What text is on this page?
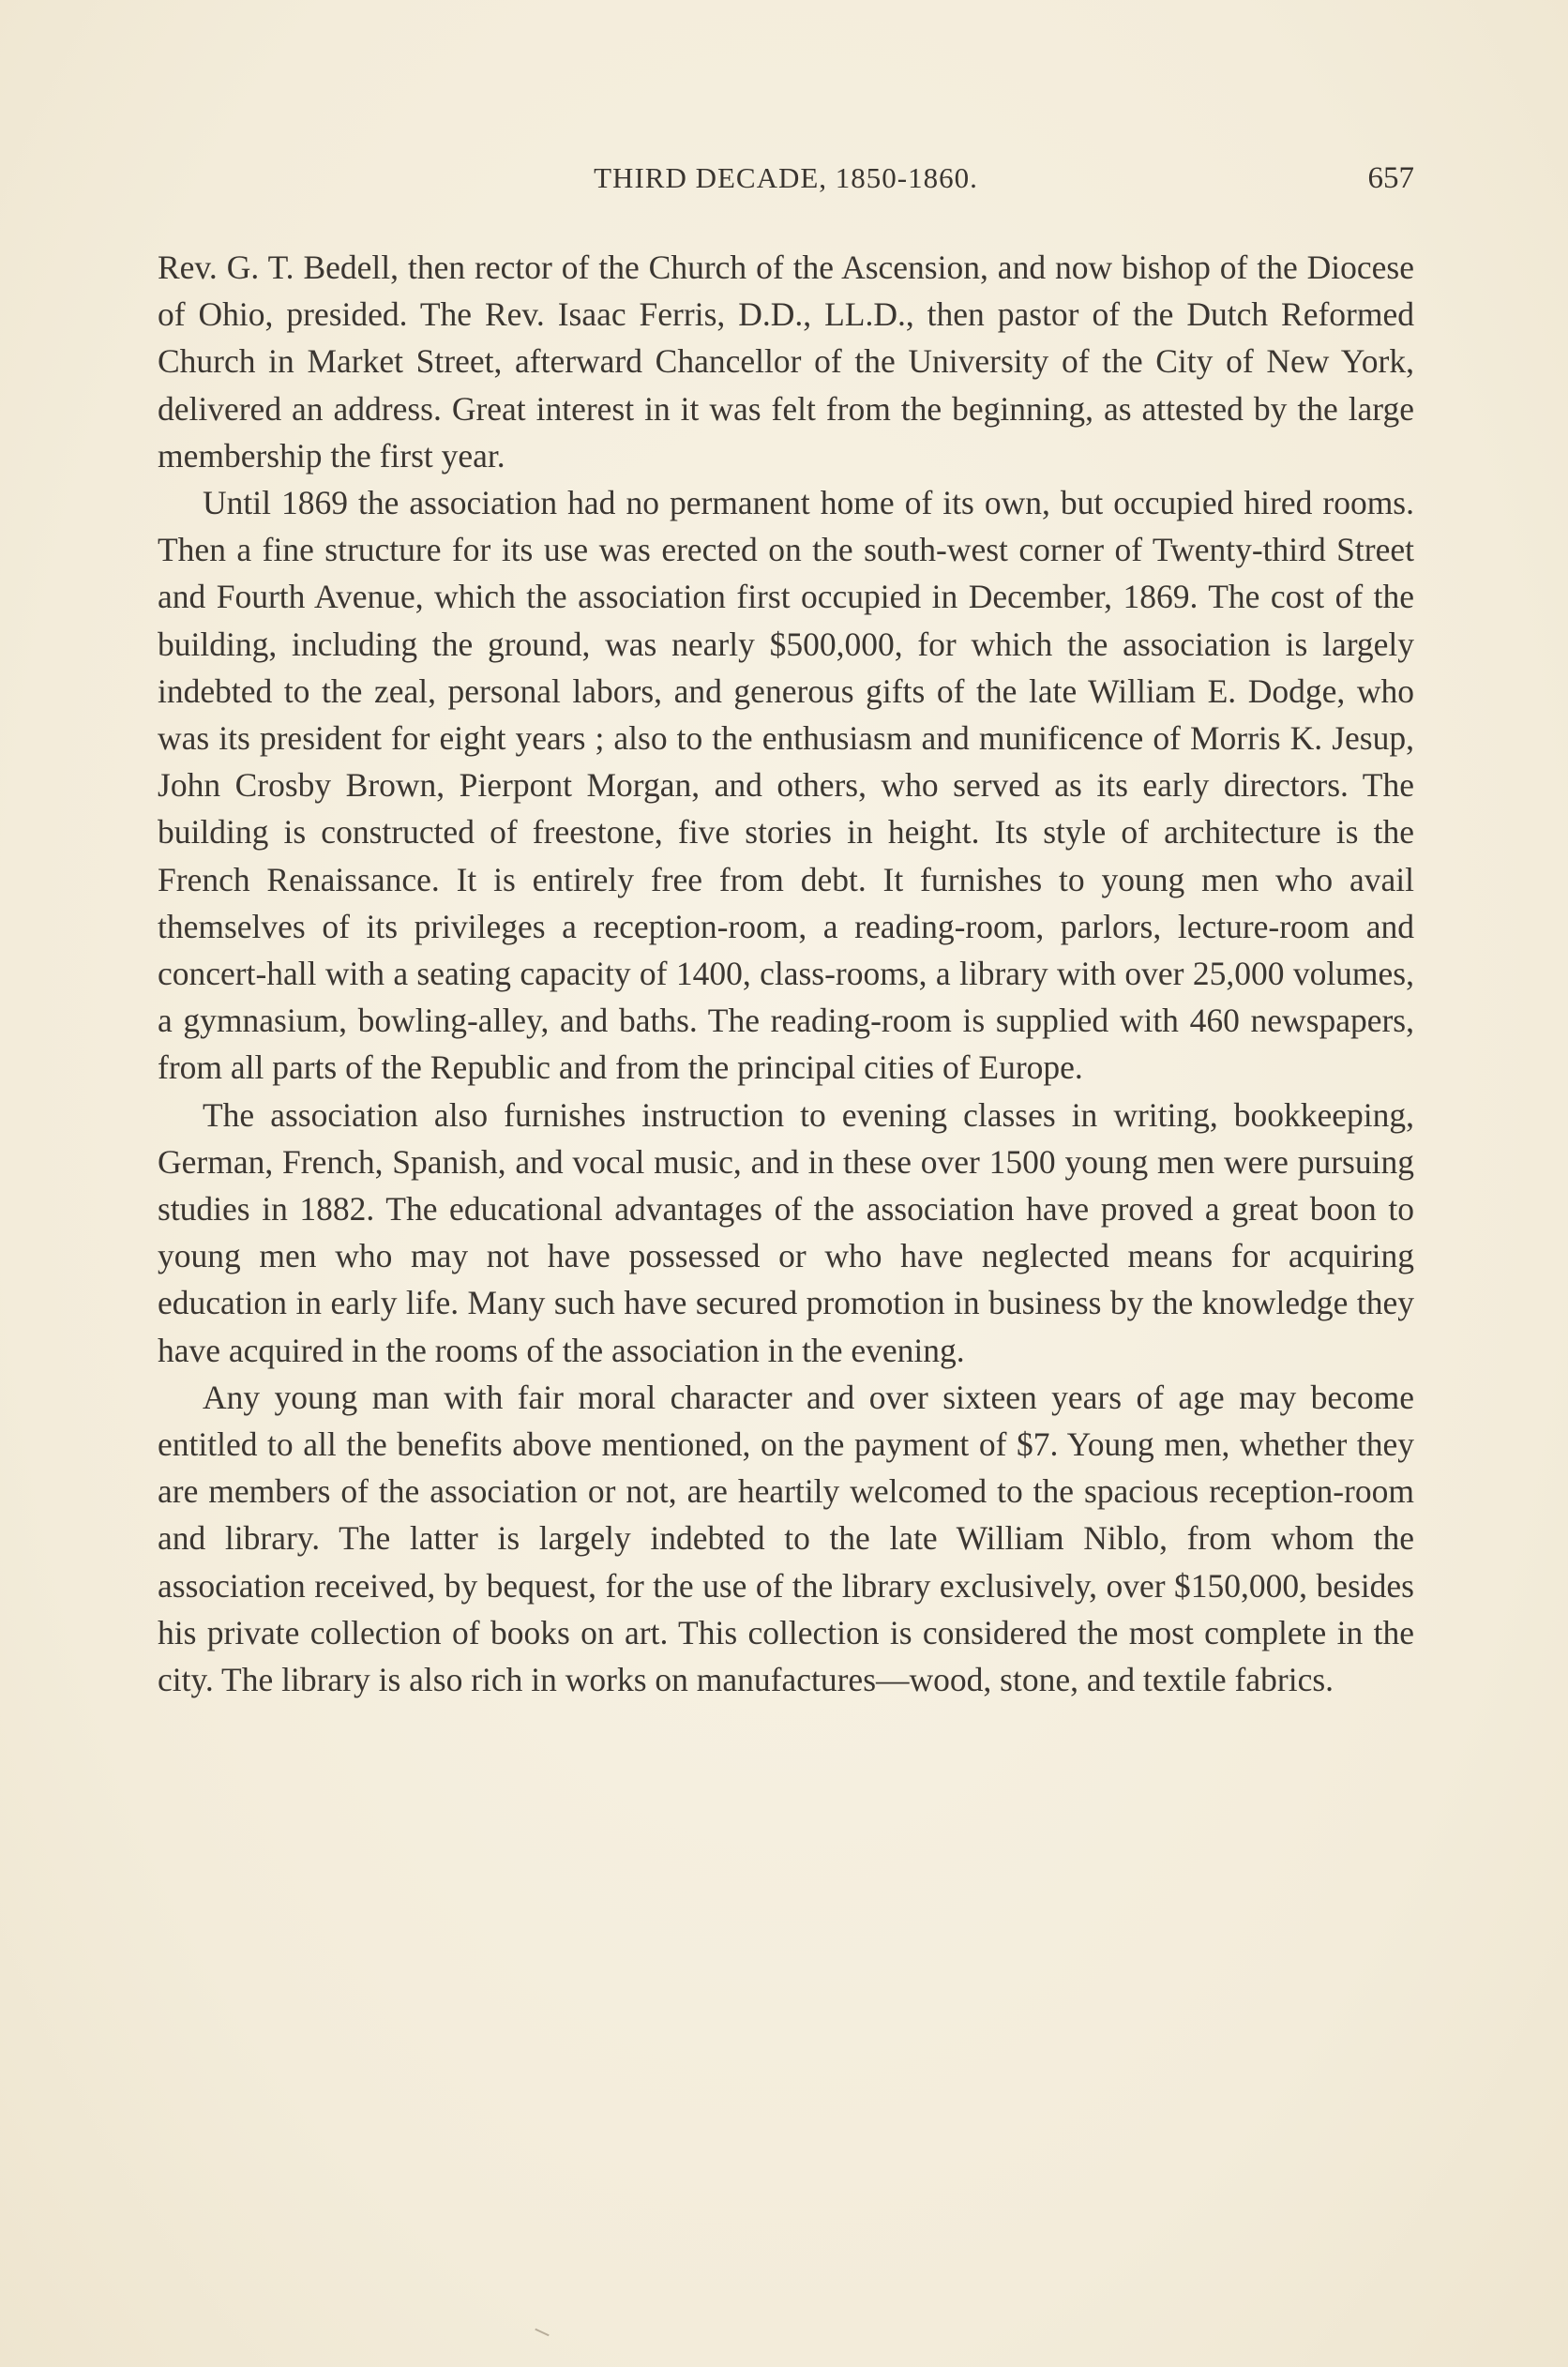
THIRD DECADE, 1850-1860.	657

Rev. G. T. Bedell, then rector of the Church of the Ascension, and now bishop of the Diocese of Ohio, presided. The Rev. Isaac Ferris, D.D., LL.D., then pastor of the Dutch Reformed Church in Market Street, afterward Chancellor of the University of the City of New York, delivered an address. Great interest in it was felt from the beginning, as attested by the large membership the first year.

Until 1869 the association had no permanent home of its own, but occupied hired rooms. Then a fine structure for its use was erected on the south-west corner of Twenty-third Street and Fourth Avenue, which the association first occupied in December, 1869. The cost of the building, including the ground, was nearly $500,000, for which the association is largely indebted to the zeal, personal labors, and generous gifts of the late William E. Dodge, who was its president for eight years ; also to the enthusiasm and munificence of Morris K. Jesup, John Crosby Brown, Pierpont Morgan, and others, who served as its early directors. The building is constructed of freestone, five stories in height. Its style of architecture is the French Renaissance. It is entirely free from debt. It furnishes to young men who avail themselves of its privileges a reception-room, a reading-room, parlors, lecture-room and concert-hall with a seating capacity of 1400, class-rooms, a library with over 25,000 volumes, a gymnasium, bowling-alley, and baths. The reading-room is supplied with 460 newspapers, from all parts of the Republic and from the principal cities of Europe.

The association also furnishes instruction to evening classes in writing, bookkeeping, German, French, Spanish, and vocal music, and in these over 1500 young men were pursuing studies in 1882. The educational advantages of the association have proved a great boon to young men who may not have possessed or who have neglected means for acquiring education in early life. Many such have secured promotion in business by the knowledge they have acquired in the rooms of the association in the evening.

Any young man with fair moral character and over sixteen years of age may become entitled to all the benefits above mentioned, on the payment of $7. Young men, whether they are members of the association or not, are heartily welcomed to the spacious reception-room and library. The latter is largely indebted to the late William Niblo, from whom the association received, by bequest, for the use of the library exclusively, over $150,000, besides his private collection of books on art. This collection is considered the most complete in the city. The library is also rich in works on manufactures—wood, stone, and textile fabrics.
